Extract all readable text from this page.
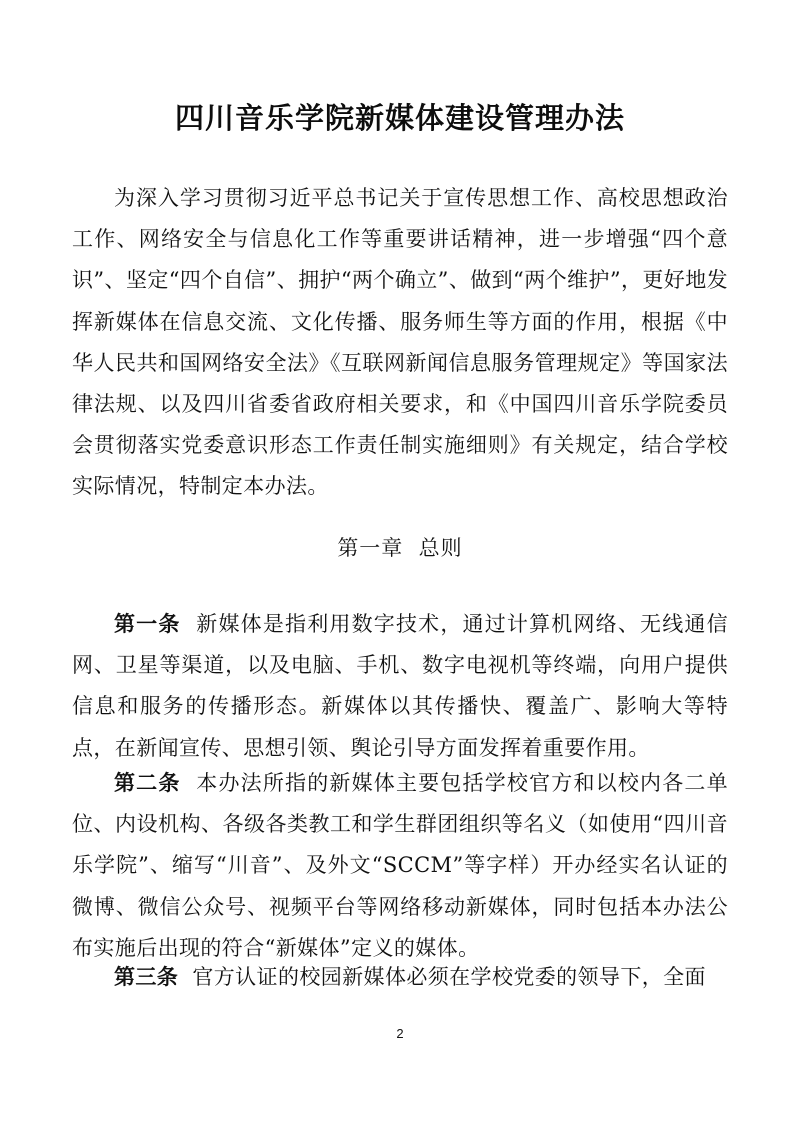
四川音乐学院新媒体建设管理办法

为深入学习贯彻习近平总书记关于宣传思想工作、高校思想政治工作、网络安全与信息化工作等重要讲话精神，进一步增强“四个意识”、坚定“四个自信”、拥护“两个确立”、做到“两个维护”，更好地发挥新媒体在信息交流、文化传播、服务师生等方面的作用，根据《中华人民共和国网络安全法》《互联网新闻信息服务管理规定》等国家法律法规、以及四川省委省政府相关要求，和《中国四川音乐学院委员会贯彻落实党委意识形态工作责任制实施细则》有关规定，结合学校实际情况，特制定本办法。

第一章  总则

第一条 新媒体是指利用数字技术，通过计算机网络、无线通信网、卫星等渠道，以及电脑、手机、数字电视机等终端，向用户提供信息和服务的传播形态。新媒体以其传播快、覆盖广、影响大等特点，在新闻宣传、思想引领、舆论引导方面发挥着重要作用。

第二条 本办法所指的新媒体主要包括学校官方和以校内各二单位、内设机构、各级各类教工和学生群团组织等名义（如使用“四川音乐学院”、缩写“川音”、及外文“SCCM”等字样）开办经实名认证的微博、微信公众号、视频平台等网络移动新媒体，同时包括本办法公布实施后出现的符合“新媒体”定义的媒体。

第三条 官方认证的校园新媒体必须在学校党委的领导下，全面

2
